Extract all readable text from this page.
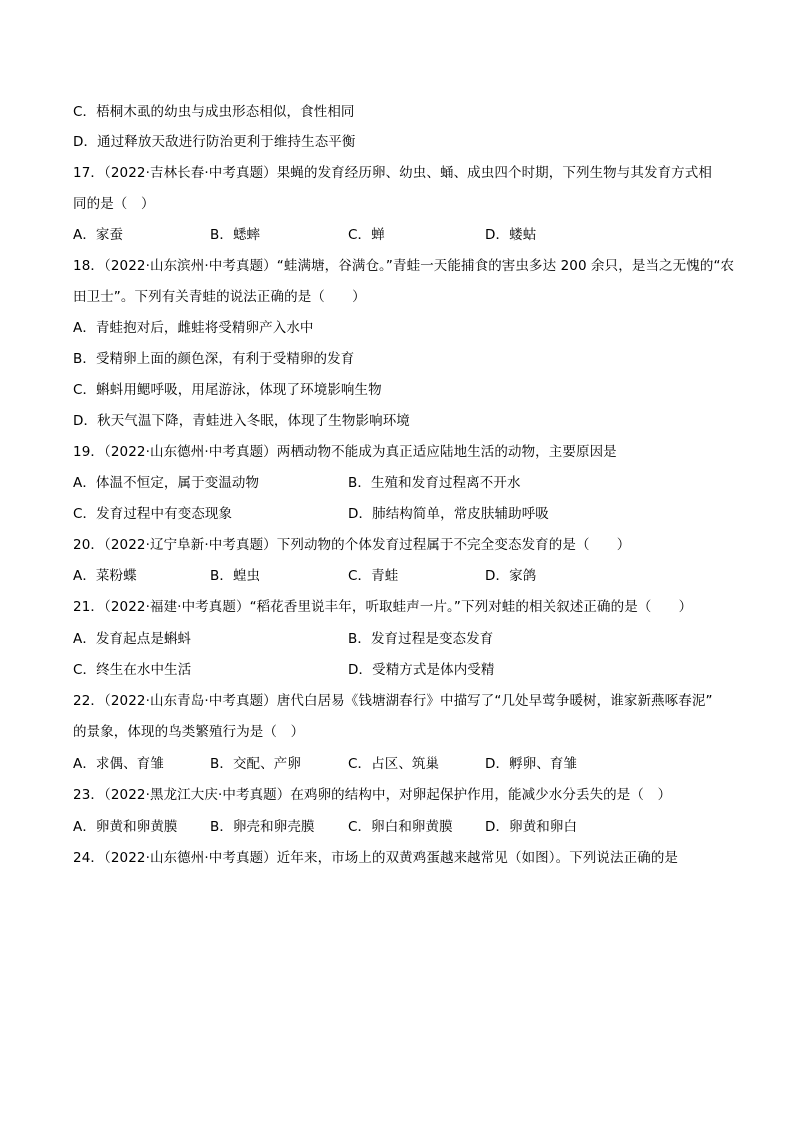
C．梧桐木虱的幼虫与成虫形态相似，食性相同
D．通过释放天敌进行防治更利于维持生态平衡
17．（2022·吉林长春·中考真题）果蝇的发育经历卵、幼虫、蛹、成虫四个时期，下列生物与其发育方式相
同的是（　）
A．家蚕	B．蟋蟀	C．蝉	D．蝼蛄
18．（2022·山东滨州·中考真题）“蛙满塘，谷满仓。”青蛙一天能捕食的害虫多达 200 余只，是当之无愧的“农
田卫士”。下列有关青蛙的说法正确的是（　　）
A．青蛙抱对后，雌蛙将受精卵产入水中
B．受精卵上面的颜色深，有利于受精卵的发育
C．蝌蚪用鳃呼吸，用尾游泳，体现了环境影响生物
D．秋天气温下降，青蛙进入冬眠，体现了生物影响环境
19．（2022·山东德州·中考真题）两栖动物不能成为真正适应陆地生活的动物，主要原因是
A．体温不恒定，属于变温动物	B．生殖和发育过程离不开水
C．发育过程中有变态现象	D．肺结构简单，常皮肤辅助呼吸
20．（2022·辽宁阜新·中考真题）下列动物的个体发育过程属于不完全变态发育的是（　　）
A．菜粉蝶	B．蝗虫	C．青蛙	D．家鸽
21．（2022·福建·中考真题）“稻花香里说丰年，听取蛙声一片。”下列对蛙的相关叙述正确的是（　　）
A．发育起点是蝌蚪	B．发育过程是变态发育
C．终生在水中生活	D．受精方式是体内受精
22．（2022·山东青岛·中考真题）唐代白居易《钱塘湖春行》中描写了“几处早莺争暖树，谁家新燕啄春泥”
的景象，体现的鸟类繁殖行为是（　）
A．求偶、育雏	B．交配、产卵	C．占区、筑巢	D．孵卵、育雏
23．（2022·黑龙江大庆·中考真题）在鸡卵的结构中，对卵起保护作用，能减少水分丢失的是（　）
A．卵黄和卵黄膜 B．卵壳和卵壳膜 C．卵白和卵黄膜 D．卵黄和卵白
24．（2022·山东德州·中考真题）近年来，市场上的双黄鸡蛋越来越常见（如图）。下列说法正确的是
